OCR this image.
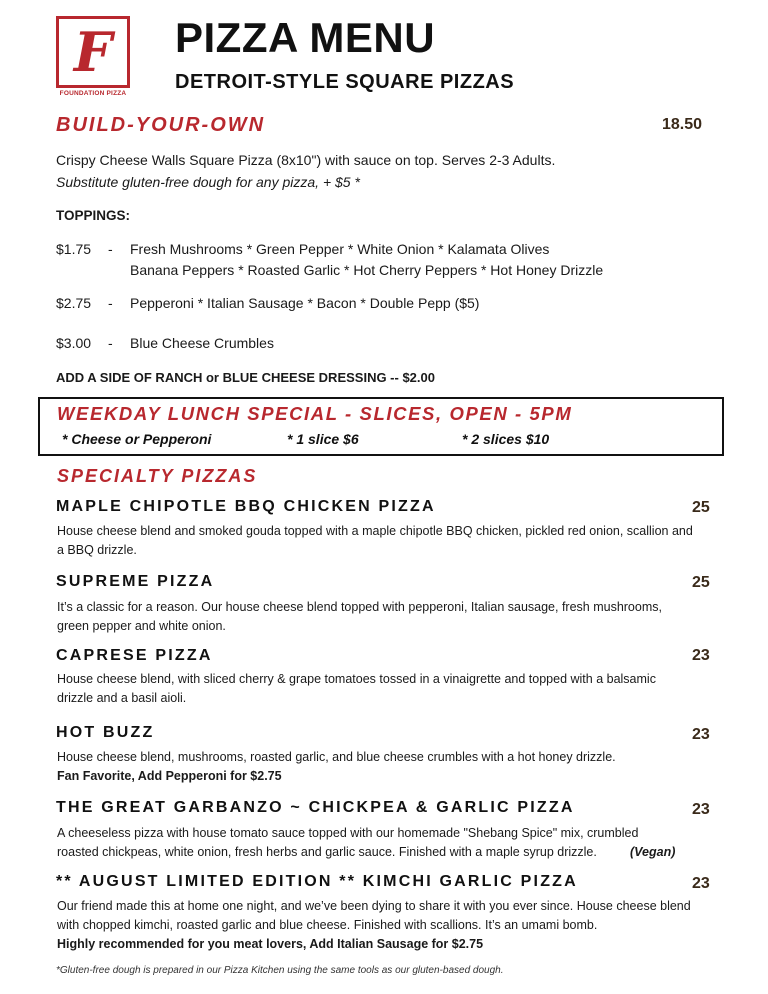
F
FOUNDATION PIZZA
PIZZA MENU
DETROIT-STYLE SQUARE PIZZAS
BUILD-YOUR-OWN	18.50
Crispy Cheese Walls Square Pizza (8x10") with sauce on top. Serves 2-3 Adults.
Substitute gluten-free dough for any pizza, + $5 *
TOPPINGS:
$1.75 - Fresh Mushrooms * Green Pepper * White Onion * Kalamata Olives
Banana Peppers * Roasted Garlic * Hot Cherry Peppers * Hot Honey Drizzle
$2.75 - Pepperoni * Italian Sausage * Bacon * Double Pepp ($5)
$3.00 - Blue Cheese Crumbles
ADD A SIDE OF RANCH or BLUE CHEESE DRESSING -- $2.00
WEEKDAY LUNCH SPECIAL - SLICES, OPEN - 5PM
* Cheese or Pepperoni	* 1 slice $6	* 2 slices $10
SPECIALTY PIZZAS
MAPLE CHIPOTLE BBQ CHICKEN PIZZA	25
House cheese blend and smoked gouda topped with a maple chipotle BBQ chicken, pickled red onion, scallion and
a BBQ drizzle.
SUPREME PIZZA	25
It’s a classic for a reason. Our house cheese blend topped with pepperoni, Italian sausage, fresh mushrooms,
green pepper and white onion.
CAPRESE PIZZA	23
House cheese blend, with sliced cherry & grape tomatoes tossed in a vinaigrette and topped with a balsamic
drizzle and a basil aioli.
HOT BUZZ	23
House cheese blend, mushrooms, roasted garlic, and blue cheese crumbles with a hot honey drizzle.
Fan Favorite, Add Pepperoni for $2.75
THE GREAT GARBANZO ~ CHICKPEA & GARLIC PIZZA	23
A cheeseless pizza with house tomato sauce topped with our homemade "Shebang Spice" mix, crumbled
roasted chickpeas, white onion, fresh herbs and garlic sauce. Finished with a maple syrup drizzle.	(Vegan)
** AUGUST LIMITED EDITION ** KIMCHI GARLIC PIZZA	23
Our friend made this at home one night, and we’ve been dying to share it with you ever since. House cheese blend
with chopped kimchi, roasted garlic and blue cheese. Finished with scallions. It’s an umami bomb.
Highly recommended for you meat lovers, Add Italian Sausage for $2.75
*Gluten-free dough is prepared in our Pizza Kitchen using the same tools as our gluten-based dough.
